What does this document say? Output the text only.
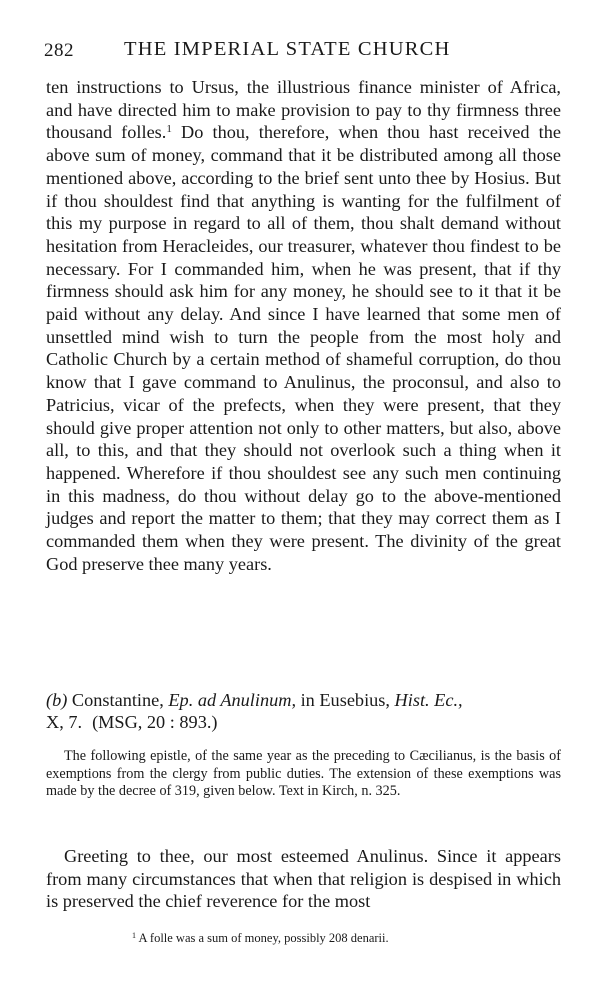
282 THE IMPERIAL STATE CHURCH
ten instructions to Ursus, the illustrious finance minister of Africa, and have directed him to make provision to pay to thy firmness three thousand folles.$^1$ Do thou, therefore, when thou hast received the above sum of money, command that it be distributed among all those mentioned above, according to the brief sent unto thee by Hosius. But if thou shouldest find that anything is wanting for the fulfilment of this my purpose in regard to all of them, thou shalt demand without hesitation from Heracleides, our treasurer, whatever thou findest to be necessary. For I commanded him, when he was present, that if thy firmness should ask him for any money, he should see to it that it be paid without any delay. And since I have learned that some men of unsettled mind wish to turn the people from the most holy and Catholic Church by a certain method of shameful corruption, do thou know that I gave command to Anulinus, the proconsul, and also to Patricius, vicar of the prefects, when they were present, that they should give proper attention not only to other matters, but also, above all, to this, and that they should not overlook such a thing when it happened. Wherefore if thou shouldest see any such men continuing in this madness, do thou without delay go to the above-mentioned judges and report the matter to them; that they may correct them as I commanded them when they were present. The divinity of the great God preserve thee many years.
(b) Constantine, Ep. ad Anulinum, in Eusebius, Hist. Ec.,
X, 7. (MSG, 20 : 893.)
The following epistle, of the same year as the preceding to Cæcilianus, is the basis of exemptions from the clergy from public duties. The extension of these exemptions was made by the decree of 319, given below. Text in Kirch, n. 325.
Greeting to thee, our most esteemed Anulinus. Since it appears from many circumstances that when that religion is despised in which is preserved the chief reverence for the most
$^1$ A folle was a sum of money, possibly 208 denarii.
